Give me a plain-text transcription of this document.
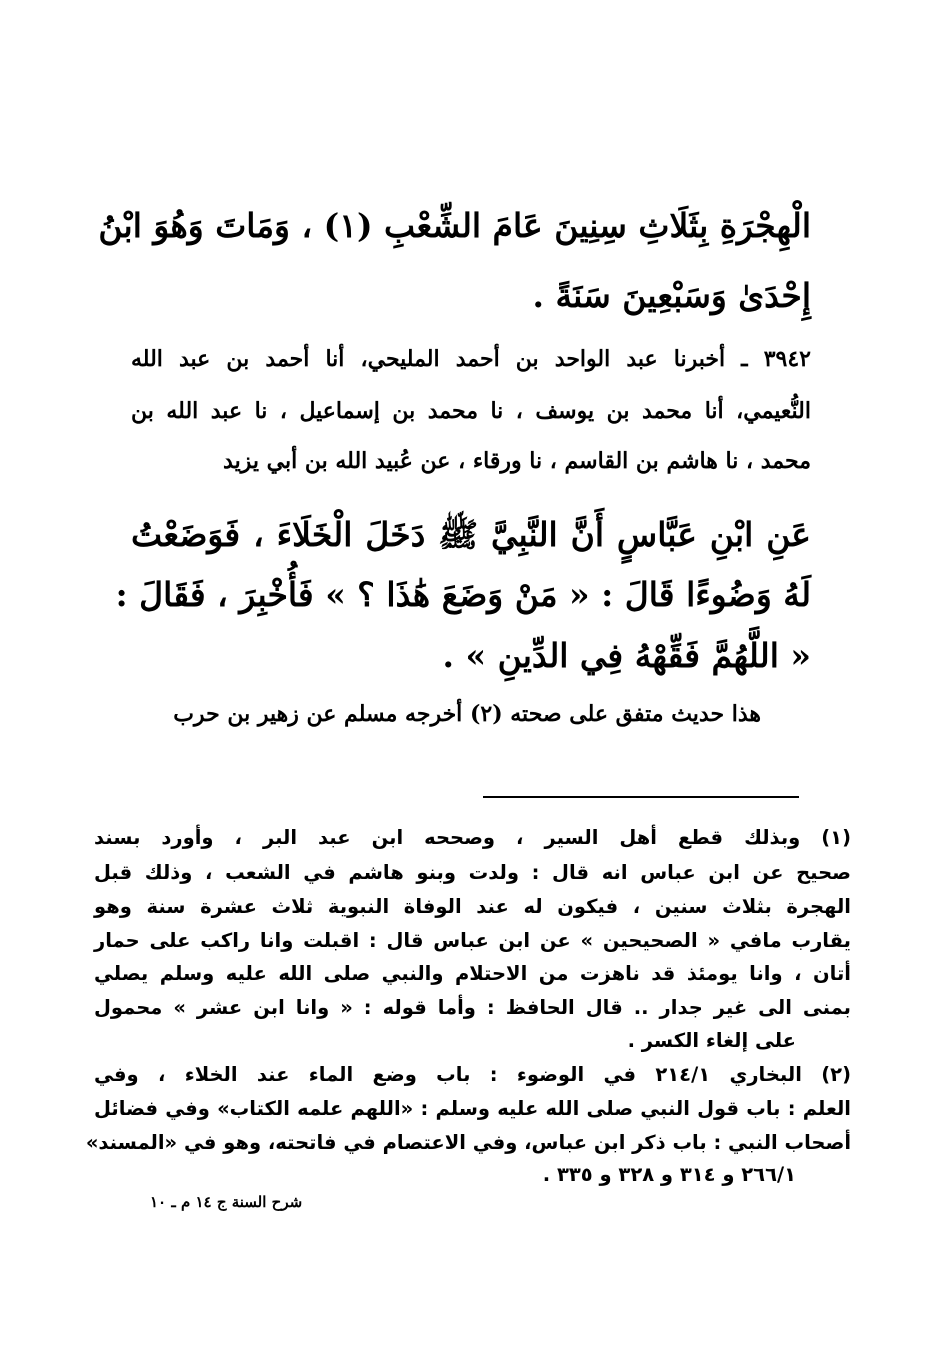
الْهِجْرَةِ بِثَلَاثِ سِنِينَ عَامَ الشِّعْبِ (١) ، وَمَاتَ وَهُوَ ابْنُ
إِحْدَىٰ وَسَبْعِينَ سَنَةً .
٣٩٤٢ ـ أخبرنا عبد الواحد بن أحمد المليحي، أنا أحمد بن عبد الله
النُّعيمي، أنا محمد بن يوسف ، نا محمد بن إسماعيل ، نا عبد الله بن
محمد ، نا هاشم بن القاسم ، نا ورقاء ، عن عُبيد الله بن أبي يزيد
عَنِ ابْنِ عَبَّاسٍ أَنَّ النَّبِيَّ ﷺ دَخَلَ الْخَلَاءَ ، فَوَضَعْتُ
لَهُ وَضُوءًا قَالَ : « مَنْ وَضَعَ هَٰذَا ؟ » فَأُخْبِرَ ، فَقَالَ :
« اللَّهُمَّ فَقِّهْهُ فِي الدِّينِ » .
هذا حديث متفق على صحته (٢) أخرجه مسلم عن زهير بن حرب
(١) وبذلك قطع أهل السير ، وصححه ابن عبد البر ، وأورد بسند
صحيح عن ابن عباس انه قال : ولدت وبنو هاشم في الشعب ، وذلك قبل
الهجرة بثلاث سنين ، فيكون له عند الوفاة النبوية ثلاث عشرة سنة وهو
يقارب مافي « الصحيحين » عن ابن عباس قال : اقبلت وانا راكب على حمار
أتان ، وانا يومئذ قد ناهزت من الاحتلام والنبي صلى الله عليه وسلم يصلي
بمنى الى غير جدار .. قال الحافظ : وأما قوله : « وانا ابن عشر » محمول
على إلغاء الكسر .
(٢) البخاري ٢١٤/١ في الوضوء : باب وضع الماء عند الخلاء ، وفي
العلم : باب قول النبي صلى الله عليه وسلم : «اللهم علمه الكتاب» وفي فضائل
أصحاب النبي : باب ذكر ابن عباس، وفي الاعتصام في فاتحته، وهو في «المسند»
٢٦٦/١ و ٣١٤ و ٣٢٨ و ٣٣٥ .
شرح السنة ج ١٤ م ـ ١٠
